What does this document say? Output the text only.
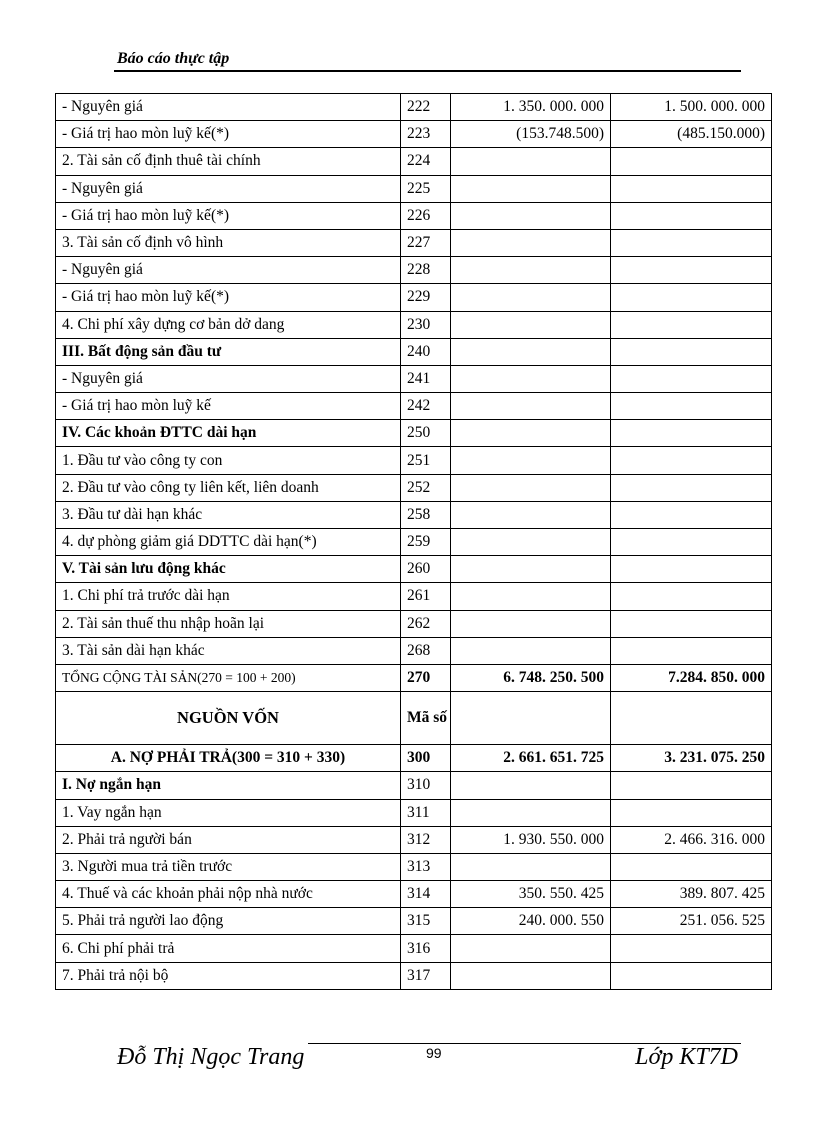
Báo cáo thực tập
- Nguyên giá	222	1. 350. 000. 000	1. 500. 000. 000
- Giá trị hao mòn luỹ kế(*)	223	(153.748.500)	(485.150.000)
2. Tài sản cố định thuê tài chính	224		
- Nguyên giá	225		
- Giá trị hao mòn luỹ kế(*)	226		
3. Tài sản cố định vô hình	227		
- Nguyên giá	228		
- Giá trị hao mòn luỹ kế(*)	229		
4. Chi phí xây dựng cơ bản dở dang	230		
III. Bất động sản đầu tư	240		
- Nguyên giá	241		
- Giá trị hao mòn luỹ kế	242		
IV. Các khoản ĐTTC dài hạn	250		
1. Đầu tư vào công ty con	251		
2. Đầu tư vào công ty liên kết, liên doanh	252		
3. Đầu tư dài hạn khác	258		
4. dự phòng giảm giá DDTTC dài hạn(*)	259		
V. Tài sản lưu động khác	260		
1. Chi phí trả trước dài hạn	261		
2. Tài sản thuế thu nhập hoãn lại	262		
3. Tài sản dài hạn khác	268		
TỔNG CỘNG TÀI SẢN(270 = 100 + 200)	270	6. 748. 250. 500	7.284. 850. 000
NGUỒN VỐN	Mã số		
A. NỢ PHẢI TRẢ(300 = 310 + 330)	300	2. 661. 651. 725	3. 231. 075. 250
I. Nợ ngắn hạn	310		
1. Vay ngắn hạn	311		
2. Phải trả người bán	312	1. 930. 550. 000	2. 466. 316. 000
3. Người mua trả tiền trước	313		
4. Thuế và các khoản phải nộp nhà nước	314	350. 550. 425	389. 807. 425
5. Phải trả người lao động	315	240. 000. 550	251. 056. 525
6. Chi phí phải trả	316		
7. Phải trả nội bộ	317		
Đỗ Thị Ngọc Trang	99	Lớp KT7D
